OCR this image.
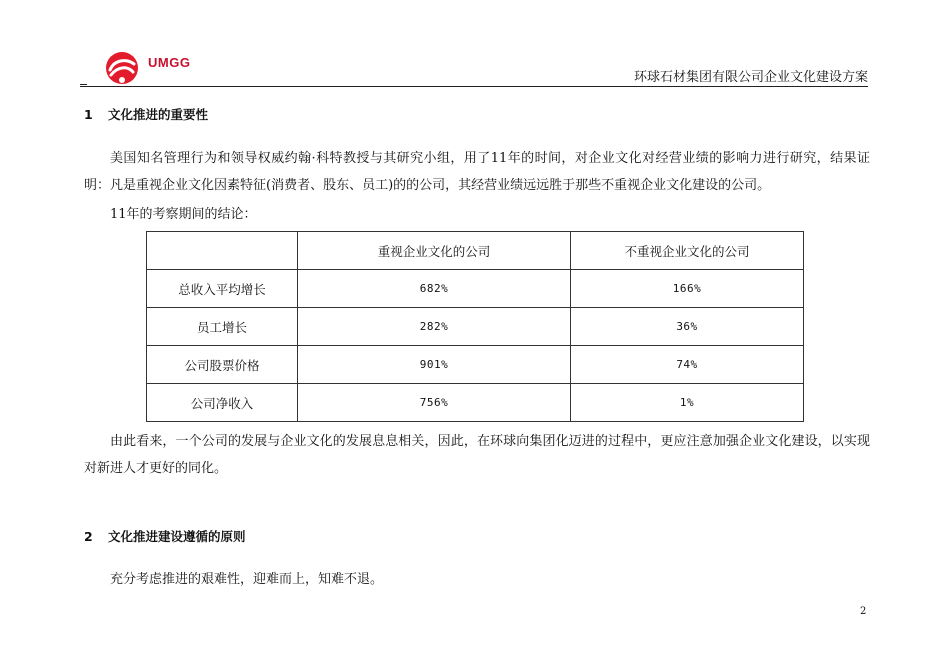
UMGG
环球石材集团有限公司企业文化建设方案
1 文化推进的重要性
美国知名管理行为和领导权威约翰·科特教授与其研究小组，用了11年的时间，对企业文化对经营业绩的影响力进行研究，结果证明：凡是重视企业文化因素特征(消费者、股东、员工)的的公司，其经营业绩远远胜于那些不重视企业文化建设的公司。
11年的考察期间的结论：
	重视企业文化的公司	不重视企业文化的公司
总收入平均增长	682%	166%
员工增长	282%	36%
公司股票价格	901%	74%
公司净收入	756%	1%
由此看来，一个公司的发展与企业文化的发展息息相关，因此，在环球向集团化迈进的过程中，更应注意加强企业文化建设，以实现对新进人才更好的同化。
2 文化推进建设遵循的原则
充分考虑推进的艰难性，迎难而上，知难不退。
2
